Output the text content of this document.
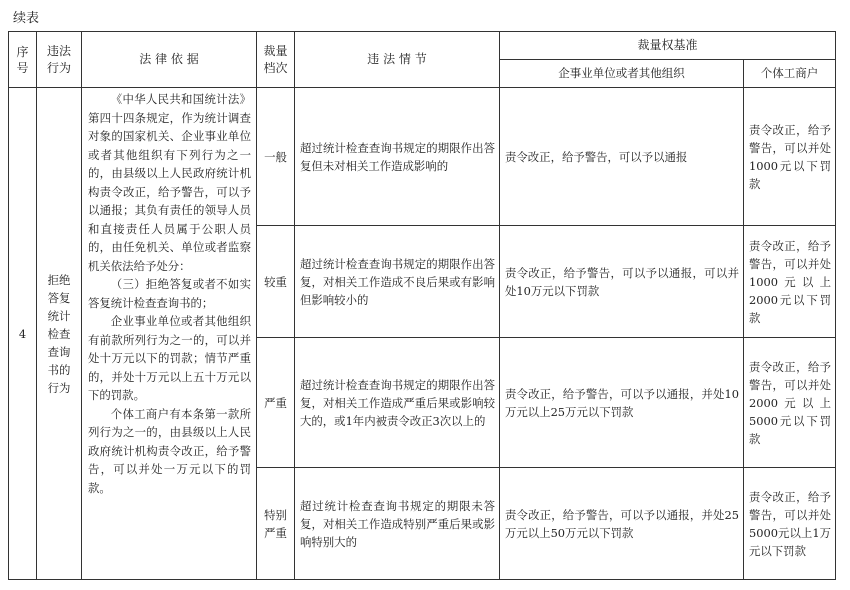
续表
序号	违法行为	法 律 依 据	裁量档次	违 法 情 节	裁量权基准	
					企事业单位或者其他组织	个体工商户
4	拒绝答复统计检查查询书的行为	《中华人民共和国统计法》第四十四条规定，作为统计调查对象的国家机关、企业事业单位或者其他组织有下列行为之一的，由县级以上人民政府统计机构责令改正，给予警告，可以予以通报；其负有责任的领导人员和直接责任人员属于公职人员的，由任免机关、单位或者监察机关依法给予处分：

（三）拒绝答复或者不如实答复统计检查查询书的；

企业事业单位或者其他组织有前款所列行为之一的，可以并处十万元以下的罚款；情节严重的，并处十万元以上五十万元以下的罚款。

个体工商户有本条第一款所列行为之一的，由县级以上人民政府统计机构责令改正，给予警告，可以并处一万元以下的罚款。	一般	超过统计检查查询书规定的期限作出答复但未对相关工作造成影响的	责令改正，给予警告，可以予以通报	责令改正，给予警告，可以并处1000元以下罚款

			较重	超过统计检查查询书规定的期限作出答复，对相关工作造成不良后果或有影响但影响较小的	责令改正，给予警告，可以予以通报，可以并处10万元以下罚款	责令改正，给予警告，可以并处1000元以上2000元以下罚款

			严重	超过统计检查查询书规定的期限作出答复，对相关工作造成严重后果或影响较大的，或1年内被责令改正3次以上的	责令改正，给予警告，可以予以通报，并处10万元以上25万元以下罚款	责令改正，给予警告，可以并处2000元以上5000元以下罚款

			特别严重	超过统计检查查询书规定的期限未答复，对相关工作造成特别严重后果或影响特别大的	责令改正，给予警告，可以予以通报，并处25万元以上50万元以下罚款	责令改正，给予警告，可以并处5000元以上1万元以下罚款
